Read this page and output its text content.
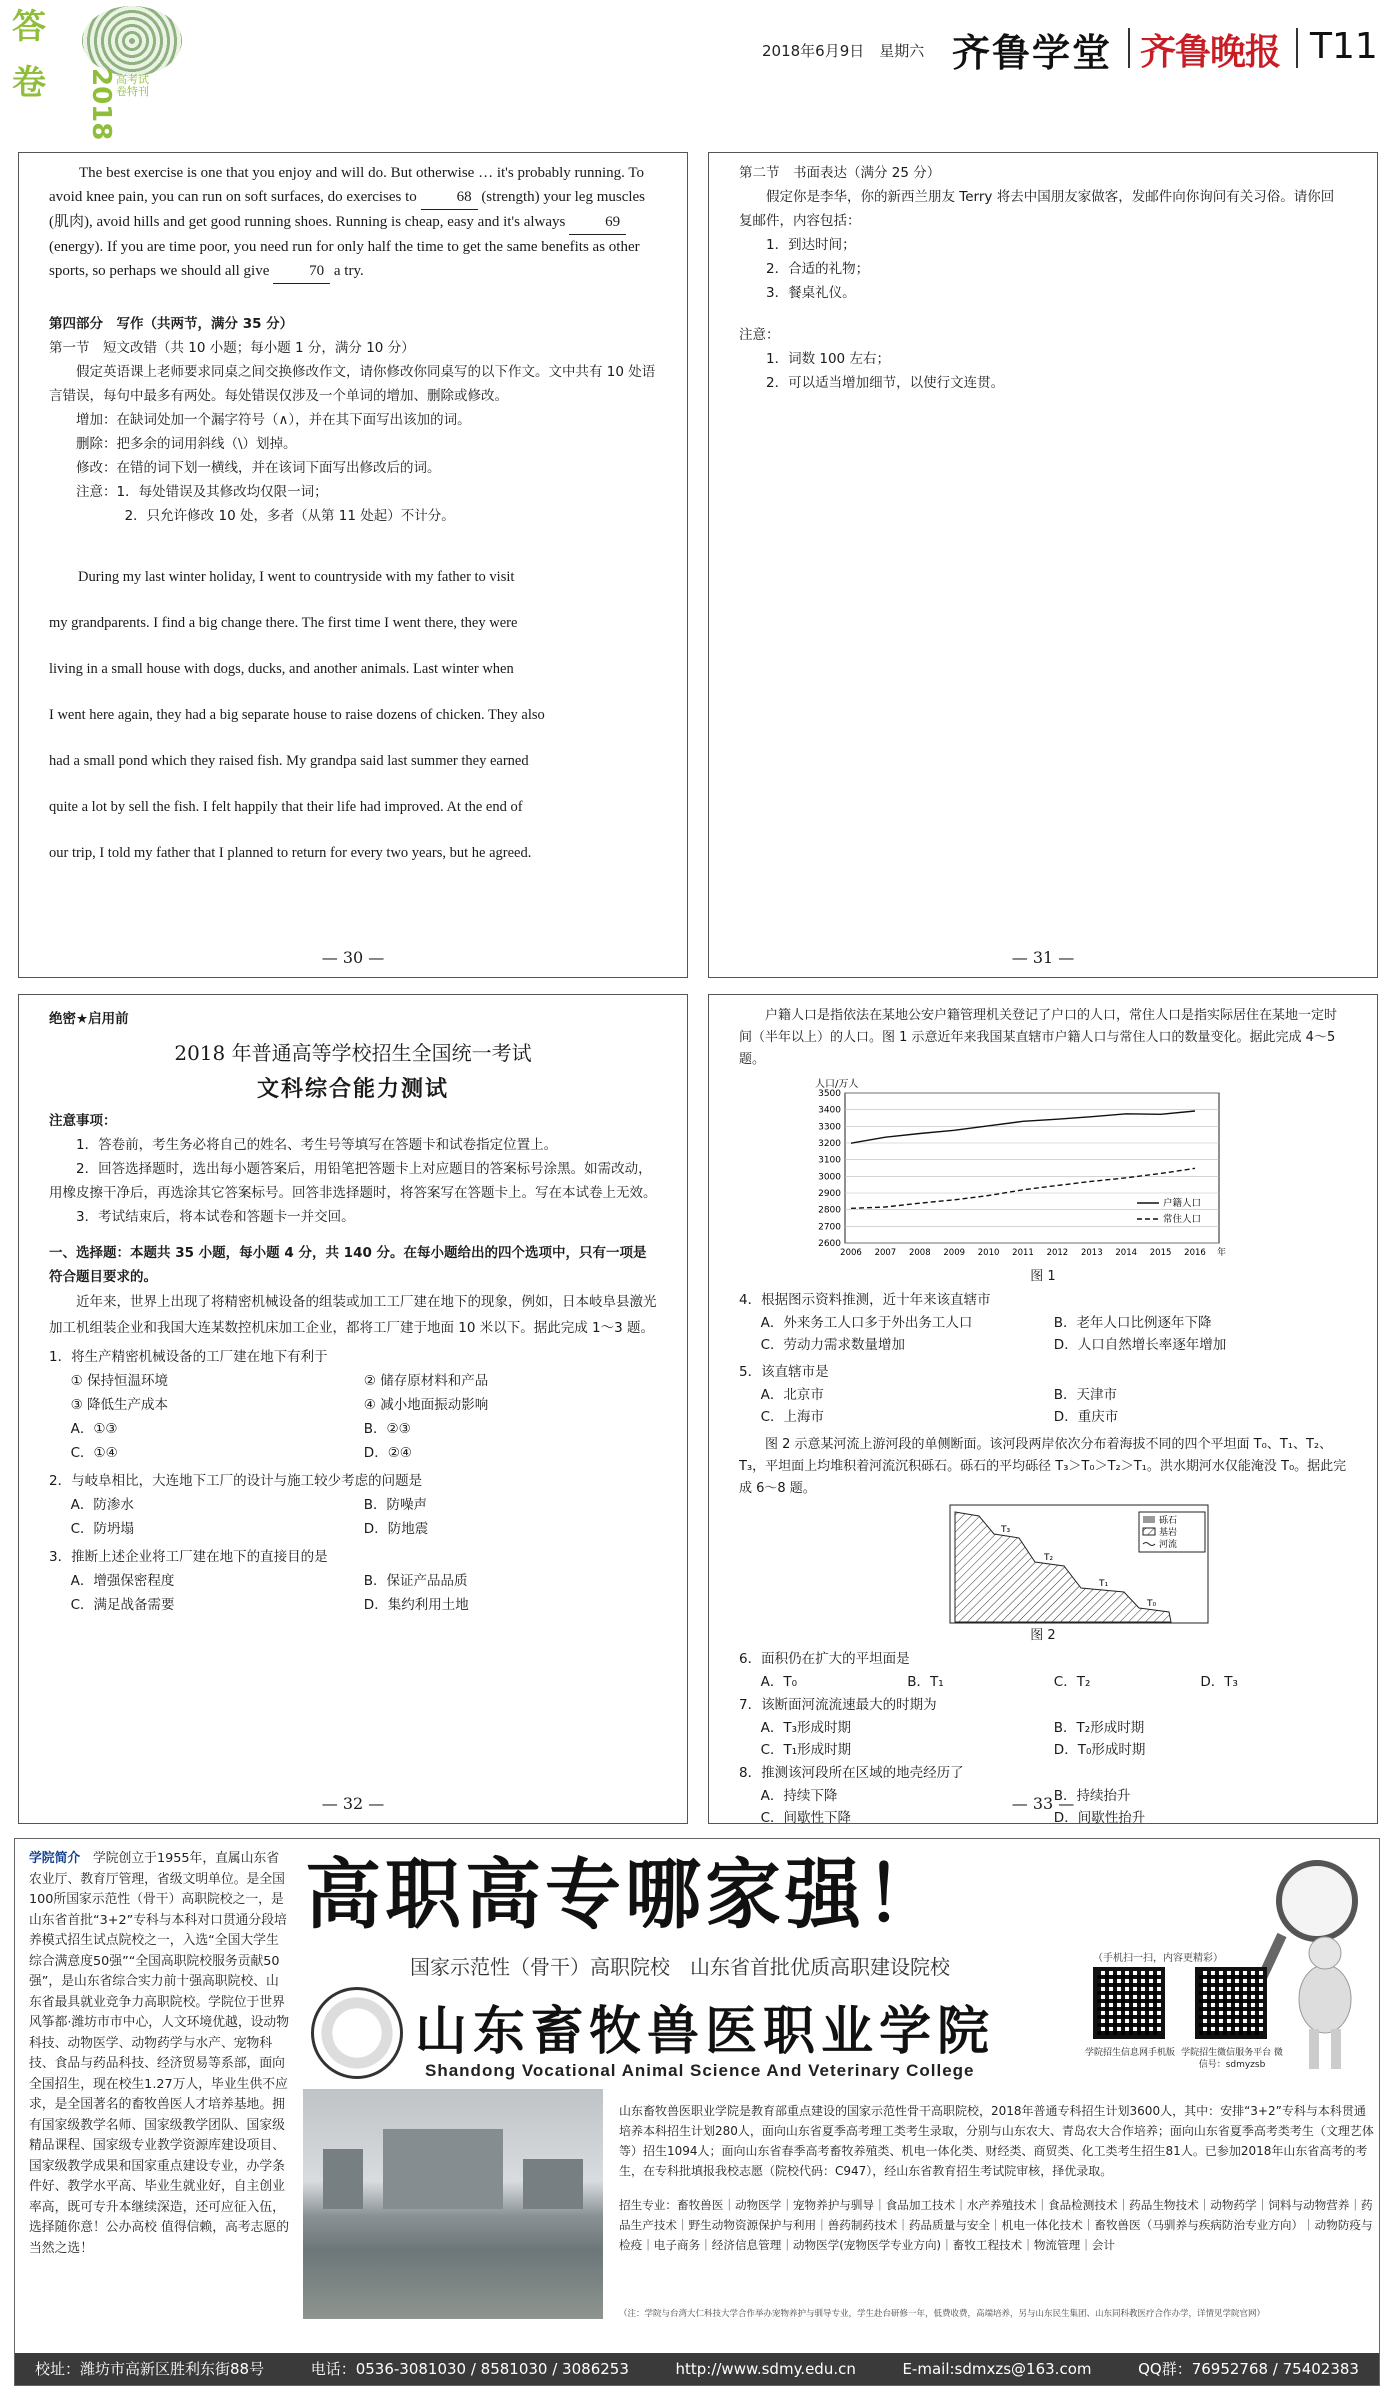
答
卷 2018 高考试卷特刊
2018年6月9日　星期六 齐鲁学堂 齐鲁晚报 T11
The best exercise is one that you enjoy and will do. But otherwise … it's probably running. To avoid knee pain, you can run on soft surfaces, do exercises to 68 (strength) your leg muscles (肌肉), avoid hills and get good running shoes. Running is cheap, easy and it's always 69 (energy). If you are time poor, you need run for only half the time to get the same benefits as other sports, so perhaps we should all give 70 a try.
第四部分　写作（共两节，满分 35 分）
第一节　短文改错（共 10 小题；每小题 1 分，满分 10 分）
假定英语课上老师要求同桌之间交换修改作文，请你修改你同桌写的以下作文。文中共有 10 处语言错误，每句中最多有两处。每处错误仅涉及一个单词的增加、删除或修改。
增加：在缺词处加一个漏字符号（∧），并在其下面写出该加的词。
删除：把多余的词用斜线（\）划掉。
修改：在错的词下划一横线，并在该词下面写出修改后的词。
注意：1．每处错误及其修改均仅限一词；
2．只允许修改 10 处，多者（从第 11 处起）不计分。
During my last winter holiday, I went to countryside with my father to visit
my grandparents. I find a big change there. The first time I went there, they were
living in a small house with dogs, ducks, and another animals. Last winter when
I went here again, they had a big separate house to raise dozens of chicken. They also
had a small pond which they raised fish. My grandpa said last summer they earned
quite a lot by sell the fish. I felt happily that their life had improved. At the end of
our trip, I told my father that I planned to return for every two years, but he agreed.
— 30 —
第二节　书面表达（满分 25 分）
假定你是李华，你的新西兰朋友 Terry 将去中国朋友家做客，发邮件向你询问有关习俗。请你回复邮件，内容包括：
1．到达时间；
2．合适的礼物；
3．餐桌礼仪。
注意：
1．词数 100 左右；
2．可以适当增加细节，以使行文连贯。
— 31 —
绝密★启用前
2018 年普通高等学校招生全国统一考试
文科综合能力测试
注意事项：
1．答卷前，考生务必将自己的姓名、考生号等填写在答题卡和试卷指定位置上。
2．回答选择题时，选出每小题答案后，用铅笔把答题卡上对应题目的答案标号涂黑。如需改动，用橡皮擦干净后，再选涂其它答案标号。回答非选择题时，将答案写在答题卡上。写在本试卷上无效。
3．考试结束后，将本试卷和答题卡一并交回。
一、选择题：本题共 35 小题，每小题 4 分，共 140 分。在每小题给出的四个选项中，只有一项是符合题目要求的。
近年来，世界上出现了将精密机械设备的组装或加工工厂建在地下的现象，例如，日本岐阜县激光加工机组装企业和我国大连某数控机床加工企业，都将工厂建于地面 10 米以下。据此完成 1～3 题。
1．将生产精密机械设备的工厂建在地下有利于
① 保持恒温环境	② 储存原材料和产品
③ 降低生产成本	④ 减小地面振动影响
A．①③	B．②③
C．①④	D．②④
2．与岐阜相比，大连地下工厂的设计与施工较少考虑的问题是
A．防渗水	B．防噪声
C．防坍塌	D．防地震
3．推断上述企业将工厂建在地下的直接目的是
A．增强保密程度	B．保证产品品质
C．满足战备需要	D．集约利用土地
— 32 —
户籍人口是指依法在某地公安户籍管理机关登记了户口的人口，常住人口是指实际居住在某地一定时间（半年以上）的人口。图 1 示意近年来我国某直辖市户籍人口与常住人口的数量变化。据此完成 4～5 题。
2600
2700
2800
2900
3000
3100
3200
3300
3400
3500
2006 2007 2008 2009 2010 2011 2012 2013 2014 2015 2016 年
人口/万人
户籍人口
常住人口
图 1
4．根据图示资料推测，近十年来该直辖市
A．外来务工人口多于外出务工人口	B．老年人口比例逐年下降
C．劳动力需求数量增加	D．人口自然增长率逐年增加
5．该直辖市是
A．北京市	B．天津市
C．上海市	D．重庆市
图 2 示意某河流上游河段的单侧断面。该河段两岸依次分布着海拔不同的四个平坦面 T₀、T₁、T₂、T₃，平坦面上均堆积着河流沉积砾石。砾石的平均砾径 T₃＞T₀＞T₂＞T₁。洪水期河水仅能淹没 T₀。据此完成 6～8 题。
T₃
T₂
T₁
T₀
砾石
基岩
河流
图 2
6．面积仍在扩大的平坦面是
A．T₀	B．T₁	C．T₂	D．T₃
7．该断面河流流速最大的时期为
A．T₃形成时期	B．T₂形成时期
C．T₁形成时期	D．T₀形成时期
8．推测该河段所在区域的地壳经历了
A．持续下降	B．持续抬升
C．间歇性下降	D．间歇性抬升
— 33 —
学院简介　 学院创立于1955年，直属山东省农业厅、教育厅管理，省级文明单位。是全国100所国家示范性（骨干）高职院校之一，是山东省首批“3+2”专科与本科对口贯通分段培养模式招生试点院校之一，入选“全国大学生综合满意度50强”“全国高职院校服务贡献50强”，是山东省综合实力前十强高职院校、山东省最具就业竞争力高职院校。学院位于世界风筝都·潍坊市市中心，人文环境优越，设动物科技、动物医学、动物药学与水产、宠物科技、食品与药品科技、经济贸易等系部，面向全国招生，现在校生1.27万人，毕业生供不应求，是全国著名的畜牧兽医人才培养基地。拥有国家级教学名师、国家级教学团队、国家级精品课程、国家级专业教学资源库建设项目、国家级教学成果和国家重点建设专业，办学条件好、教学水平高、毕业生就业好，自主创业率高，既可专升本继续深造，还可应征入伍，选择随你意！公办高校 值得信赖，高考志愿的当然之选！
高职高专哪家强！
国家示范性（骨干）高职院校　山东省首批优质高职建设院校	（手机扫一扫，内容更精彩）
山东畜牧兽医职业学院
Shandong Vocational Animal Science And Veterinary College
学院招生信息网手机版 学院招生微信服务平台 微信号：sdmyzsb
山东畜牧兽医职业学院是教育部重点建设的国家示范性骨干高职院校，2018年普通专科招生计划3600人，其中：安排“3+2”专科与本科贯通培养本科招生计划280人，面向山东省夏季高考理工类考生录取，分别与山东农大、青岛农大合作培养；面向山东省夏季高考类考生（文理艺体等）招生1094人；面向山东省春季高考畜牧养殖类、机电一体化类、财经类、商贸类、化工类考生招生81人。已参加2018年山东省高考的考生，在专科批填报我校志愿（院校代码：C947），经山东省教育招生考试院审核，择优录取。
招生专业：畜牧兽医｜动物医学｜宠物养护与驯导｜食品加工技术｜水产养殖技术｜食品检测技术｜药品生物技术｜动物药学｜饲料与动物营养｜药品生产技术｜野生动物资源保护与利用｜兽药制药技术｜药品质量与安全｜机电一体化技术｜畜牧兽医（马驯养与疾病防治专业方向）｜动物防疫与检疫｜电子商务｜经济信息管理｜动物医学(宠物医学专业方向)｜畜牧工程技术｜物流管理｜会计
（注：学院与台湾大仁科技大学合作举办宠物养护与驯导专业，学生赴台研修一年，低费收费，高端培养，另与山东民生集团、山东同科教医疗合作办学，详情见学院官网）
校址：潍坊市高新区胜利东街88号	电话：0536-3081030 / 8581030 / 3086253	http://www.sdmy.edu.cn	E-mail:sdmxzs@163.com	QQ群：76952768 / 75402383
